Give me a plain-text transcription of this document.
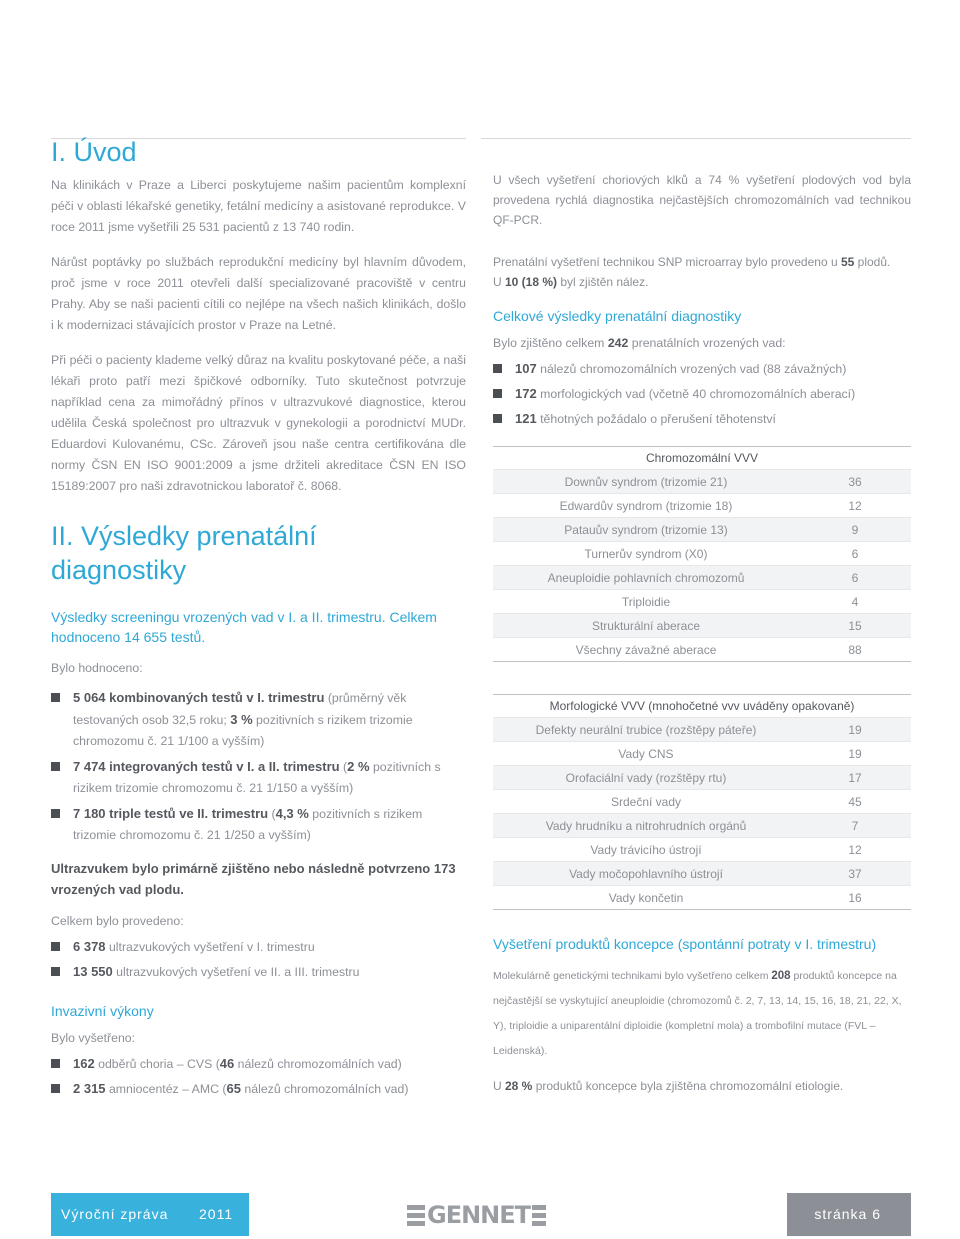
I. Úvod

Na klinikách v Praze a Liberci poskytujeme našim pacientům komplexní péči v oblasti lékařské genetiky, fetální medicíny a asistované reprodukce. V roce 2011 jsme vyšetřili 25 531 pacientů z 13 740 rodin.

Nárůst poptávky po službách reprodukční medicíny byl hlavním důvodem, proč jsme v roce 2011 otevřeli další specializované pracoviště v centru Prahy. Aby se naši pacienti cítili co nejlépe na všech našich klinikách, došlo i k modernizaci stávajících prostor v Praze na Letné.

Při péči o pacienty klademe velký důraz na kvalitu poskytované péče, a naši lékaři proto patří mezi špičkové odborníky. Tuto skutečnost potvrzuje například cena za mimořádný přínos v ultrazvukové diagnostice, kterou udělila Česká společnost pro ultrazvuk v gynekologii a porodnictví MUDr. Eduardovi Kulovanému, CSc. Zároveň jsou naše centra certifikována dle normy ČSN EN ISO 9001:2009 a jsme držiteli akreditace ČSN EN ISO 15189:2007 pro naši zdravotnickou laboratoř č. 8068.

II. Výsledky prenatální
diagnostiky

Výsledky screeningu vrozených vad v I. a II. trimestru. Celkem hodnoceno 14 655 testů.

Bylo hodnoceno:

5 064 kombinovaných testů v I. trimestru (průměrný věk testovaných osob 32,5 roku; 3 % pozitivních s rizikem trizomie chromozomu č. 21 1/100 a vyšším)
7 474 integrovaných testů v I. a II. trimestru (2 % pozitivních s rizikem trizomie chromozomu č. 21 1/150 a vyšším)
7 180 triple testů ve II. trimestru (4,3 % pozitivních s rizikem trizomie chromozomu č. 21 1/250 a vyšším)

Ultrazvukem bylo primárně zjištěno nebo následně potvrzeno 173 vrozených vad plodu.

Celkem bylo provedeno:

6 378 ultrazvukových vyšetření v I. trimestru
13 550 ultrazvukových vyšetření ve II. a III. trimestru

Invazivní výkony

Bylo vyšetřeno:

162 odběrů choria – CVS (46 nálezů chromozomálních vad)
2 315 amniocentéz – AMC (65 nálezů chromozomálních vad)

U všech vyšetření choriových klků a 74 % vyšetření plodových vod byla provedena rychlá diagnostika nejčastějších chromozomálních vad technikou QF-PCR.

Prenatální vyšetření technikou SNP microarray bylo provedeno u 55 plodů.
U 10 (18 %) byl zjištěn nález.

Celkové výsledky prenatální diagnostiky

Bylo zjištěno celkem 242 prenatálních vrozených vad:

107 nálezů chromozomálních vrozených vad (88 závažných)
172 morfologických vad (včetně 40 chromozomálních aberací)
121 těhotných požádalo o přerušení těhotenství
Chromozomální VVV	
Downův syndrom (trizomie 21)	36
Edwardův syndrom (trizomie 18)	12
Patauův syndrom (trizomie 13)	9
Turnerův syndrom (X0)	6
Aneuploidie pohlavních chromozomů	6
Triploidie	4
Strukturální aberace	15
Všechny závažné aberace	88
Morfologické VVV (mnohočetné vvv uváděny opakovaně)	
Defekty neurální trubice (rozštěpy páteře)	19
Vady CNS	19
Orofaciální vady (rozštěpy rtu)	17
Srdeční vady	45
Vady hrudníku a nitrohrudních orgánů	7
Vady trávicího ústrojí	12
Vady močopohlavního ústrojí	37
Vady končetin	16

Vyšetření produktů koncepce (spontánní potraty v I. trimestru)

Molekulárně genetickými technikami bylo vyšetřeno celkem 208 produktů koncepce na nejčastější se vyskytující aneuploidie (chromozomů č. 2, 7, 13, 14, 15, 16, 18, 21, 22, X, Y), triploidie a uniparentální diploidie (kompletní mola) a trombofilní mutace (FVL – Leidenská).

U 28 % produktů koncepce byla zjištěna chromozomální etiologie.

Výroční zpráva 2011	GENNET	stránka 6
